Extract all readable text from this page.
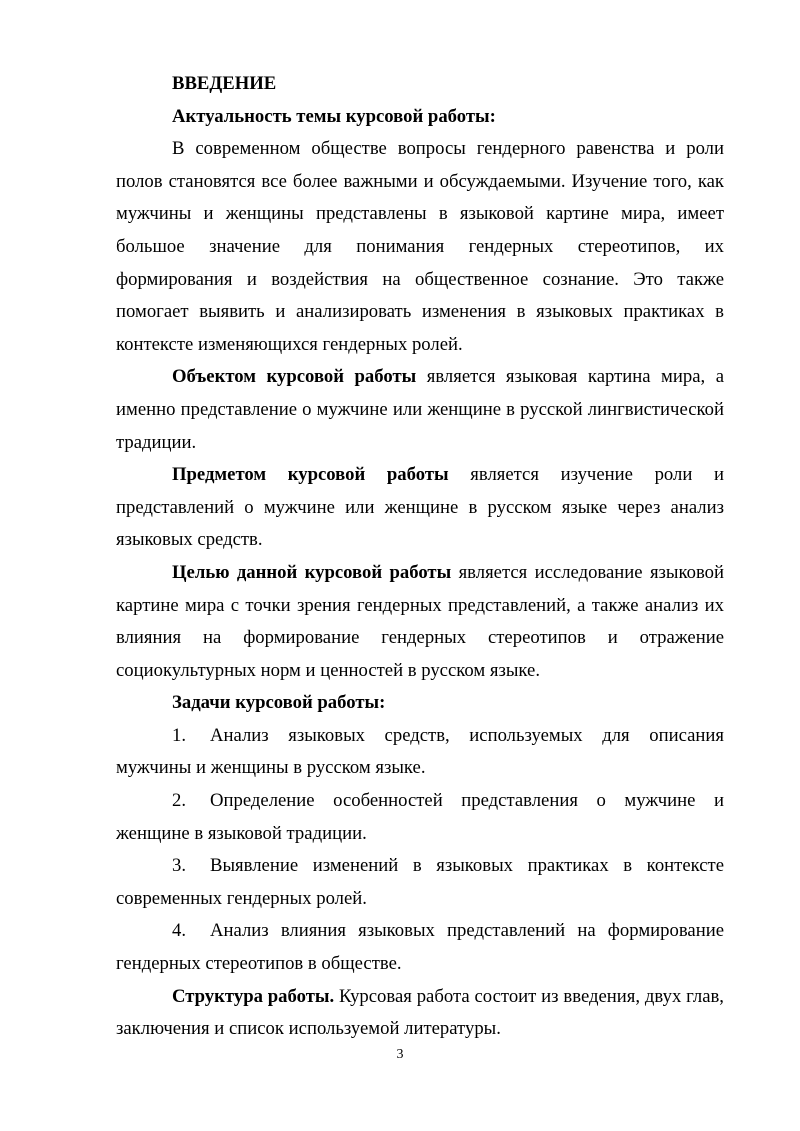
ВВЕДЕНИЕ

Актуальность темы курсовой работы:

В современном обществе вопросы гендерного равенства и роли полов становятся все более важными и обсуждаемыми. Изучение того, как мужчины и женщины представлены в языковой картине мира, имеет большое значение для понимания гендерных стереотипов, их формирования и воздействия на общественное сознание. Это также помогает выявить и анализировать изменения в языковых практиках в контексте изменяющихся гендерных ролей.

Объектом курсовой работы является языковая картина мира, а именно представление о мужчине или женщине в русской лингвистической традиции.

Предметом курсовой работы является изучение роли и представлений о мужчине или женщине в русском языке через анализ языковых средств.

Целью данной курсовой работы является исследование языковой картине мира с точки зрения гендерных представлений, а также анализ их влияния на формирование гендерных стереотипов и отражение социокультурных норм и ценностей в русском языке.

Задачи курсовой работы:

1. Анализ языковых средств, используемых для описания мужчины и женщины в русском языке.

2. Определение особенностей представления о мужчине и женщине в языковой традиции.

3. Выявление изменений в языковых практиках в контексте современных гендерных ролей.

4. Анализ влияния языковых представлений на формирование гендерных стереотипов в обществе.

Структура работы. Курсовая работа состоит из введения, двух глав, заключения и список используемой литературы.

3
